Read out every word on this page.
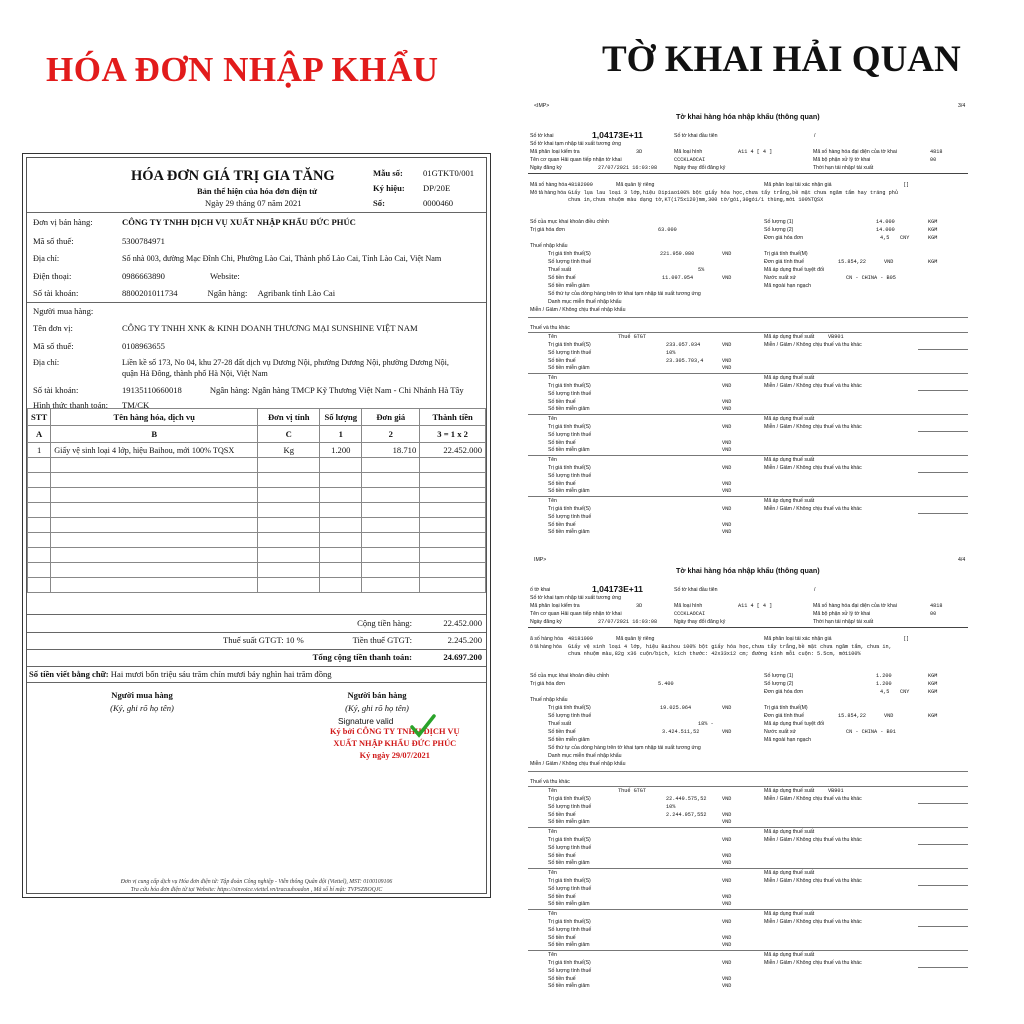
HÓA ĐƠN NHẬP KHẨU	TỜ KHAI HẢI QUAN
HÓA ĐƠN GIÁ TRỊ GIA TĂNG
Bản thể hiện của hóa đơn điện tử
Ngày 29 tháng 07 năm 2021
Mẫu số: 01GTKT0/001
Ký hiệu: DP/20E
Số:	0000460
Đơn vị bán hàng:	CÔNG TY TNHH DỊCH VỤ XUẤT NHẬP KHẨU ĐỨC PHÚC
Mã số thuế:	5300784971
Địa chỉ:	Số nhà 003, đường Mạc Đĩnh Chi, Phường Lào Cai, Thành phố Lào Cai, Tỉnh Lào Cai, Việt Nam
Điện thoại:	0986663890	Website:
Số tài khoản:	8800201011734	Ngân hàng: Agribank tỉnh Lào Cai
Người mua hàng:
Tên đơn vị:	CÔNG TY TNHH XNK & KINH DOANH THƯƠNG MẠI SUNSHINE VIỆT NAM
Mã số thuế:	0108963655
Địa chỉ:	Liền kề số 173, No 04, khu 27-28 đất dịch vụ Dương Nội, phường Dương Nội, phường Dương Nội,
quận Hà Đông, thành phố Hà Nội, Việt Nam
Số tài khoản:	19135110660018	Ngân hàng: Ngân hàng TMCP Kỹ Thương Việt Nam - Chi Nhánh Hà Tây
Hình thức thanh toán: TM/CK
STT	Tên hàng hóa, dịch vụ	Đơn vị tính	Số lượng	Đơn giá	Thành tiền
A	B	C	1	2	3 = 1 x 2
1	Giấy vệ sinh loại 4 lớp, hiệu Baihou, mới 100% TQSX	Kg	1.200	18.710	22.452.000

Cộng tiền hàng:	22.452.000
Thuế suất GTGT: 10 %	Tiền thuế GTGT:	2.245.200
Tổng cộng tiền thanh toán:	24.697.200
Số tiền viết bằng chữ: Hai mươi bốn triệu sáu trăm chín mươi bảy nghìn hai trăm đồng
Người mua hàng
(Ký, ghi rõ họ tên)
Người bán hàng
(Ký, ghi rõ họ tên)
Signature valid
Ký bởi CÔNG TY TNHH DỊCH VỤ
XUẤT NHẬP KHẨU ĐỨC PHÚC
Ký ngày 29/07/2021
Đơn vị cung cấp dịch vụ Hóa đơn điện tử: Tập đoàn Công nghiệp - Viễn thông Quân đội (Viettel), MST: 0100109106
Tra cứu hóa đơn điện tử tại Website: https://sinvoice.viettel.vn/tracuuhoadon , Mã số bí mật: TVPSZBOQJC
<IMP>	3/4
Tờ khai hàng hóa nhập khẩu (thông quan)
Số tờ khai	1,04173E+11	Số tờ khai đầu tiên	/
Số tờ khai tạm nhập tái xuất tương ứng
Mã phân loại kiểm tra	3D	Mã loại hình	A11 4 [ 4 ]	Mã số hàng hóa đại diện của tờ khai	4818
Tên cơ quan Hải quan tiếp nhận tờ khai	CCCKLAOCAI	Mã bộ phận xử lý tờ khai	00
Ngày đăng ký	27/07/2021 16:03:08	Ngày thay đổi đăng ký	Thời hạn tái nhập/ tái xuất
Mã số hàng hóa 48182000	Mã quản lý riêng	Mã phân loại tái xác nhận giá	[ ]
Mô tả hàng hóa Giấy lụa lau loại 3 lớp,hiệu Dipiao100% bột giấy hóa học,chưa tẩy trắng,bề mặt chưa ngâm tẩm hay tráng phủ
chưa in,chưa nhuộm màu dạng tờ,KT(175x120)mm,300 tờ/gói,30gói/1 thùng,mới 100%TQSX
Số của mục khai khoản điều chỉnh	Số lượng (1)	14.000	KGM
Trị giá hóa đơn	63.000	Số lượng (2)	14.000	KGM
Đơn giá hóa đơn	4,5 CNY	KGM
Thuế nhập khẩu
Trị giá tính thuế(S)	221.959.080	VND	Trị giá tính thuế(M)
Số lượng tính thuế	Đơn giá tính thuế	15.854,22	VND	KGM
Thuế suất	5%	Mã áp dụng thuế tuyệt đối
Số tiền thuế	11.097.954	VND	Nước xuất xứ	CN - CHINA - B05
Số tiền miễn giảm	Mã ngoài hạn ngạch
Số thứ tự của dòng hàng trên tờ khai tạm nhập tái xuất tương ứng
Danh mục miễn thuế nhập khẩu
Miễn / Giảm / Không chịu thuế nhập khẩu
Thuế và thu khác
Tên	Thuế GTGT	VB901
Mã áp dụng thuế suất
Trị giá tính thuế(S)	233.057.034	VND	Miễn / Giảm / Không chịu thuế và thu khác
Số lượng tính thuế	10%
Số tiền thuế	23.305.703,4	VND
Số tiền miễn giảm	VND
Tên	Mã áp dụng thuế suất
Trị giá tính thuế(S)	VND	Miễn / Giảm / Không chịu thuế và thu khác
Số lượng tính thuế
Số tiền thuế	VND
Số tiền miễn giảm	VND
Tên	Mã áp dụng thuế suất
Trị giá tính thuế(S)	VND	Miễn / Giảm / Không chịu thuế và thu khác
Số lượng tính thuế
Số tiền thuế	VND
Số tiền miễn giảm	VND
Tên	Mã áp dụng thuế suất
Trị giá tính thuế(S)	VND	Miễn / Giảm / Không chịu thuế và thu khác
Số lượng tính thuế
Số tiền thuế	VND
Số tiền miễn giảm	VND
Tên	Mã áp dụng thuế suất
Trị giá tính thuế(S)	VND	Miễn / Giảm / Không chịu thuế và thu khác
Số lượng tính thuế
Số tiền thuế	VND
Số tiền miễn giảm	VND
IMP>	4/4
Tờ khai hàng hóa nhập khẩu (thông quan)
ố tờ khai	1,04173E+11	Số tờ khai đầu tiên	/
Số tờ khai tạm nhập tái xuất tương ứng
Mã phân loại kiểm tra	3D	Mã loại hình	A11 4 [ 4 ]	Mã số hàng hóa đại diện của tờ khai	4818
Tên cơ quan Hải quan tiếp nhận tờ khai	CCCKLAOCAI	Mã bộ phận xử lý tờ khai	00
Ngày đăng ký	27/07/2021 16:03:08	Ngày thay đổi đăng ký	Thời hạn tái nhập/ tái xuất
ã số hàng hóa 48181000	Mã quản lý riêng	Mã phân loại tái xác nhận giá	[ ]
ô tả hàng hóa Giấy vệ sinh loại 4 lớp, hiệu Baihou 100% bột giấy hóa học,chưa tẩy trắng,bề mặt chưa ngâm tẩm, chưa in,
chưa nhuộm màu,82g x36 cuộn/bịch, kích thước: 42x33x12 cm; đường kính mỗi cuộn: 5.5cm, mới100%
Số của mục khai khoản điều chỉnh	Số lượng (1)	1.200	KGM
Trị giá hóa đơn	5.400	Số lượng (2)	1.200	KGM
Đơn giá hóa đơn	4,5 CNY	KGM
Thuế nhập khẩu
Trị giá tính thuế(S)	19.025.064	VND	Trị giá tính thuế(M)
Số lượng tính thuế	Đơn giá tính thuế	15.854,22	VND	KGM
Thuế suất	18% -	Mã áp dụng thuế tuyệt đối
Số tiền thuế	3.424.511,52	VND	Nước xuất xứ	CN - CHINA - B01
Số tiền miễn giảm	Mã ngoài hạn ngạch
Số thứ tự của dòng hàng trên tờ khai tạm nhập tái xuất tương ứng
Danh mục miễn thuế nhập khẩu
Miễn / Giảm / Không chịu thuế nhập khẩu
Thuế và thu khác
Tên	Thuế GTGT	VB901
Mã áp dụng thuế suất
Trị giá tính thuế(S)	22.449.575,52	VND	Miễn / Giảm / Không chịu thuế và thu khác
Số lượng tính thuế	10%
Số tiền thuế	2.244.957,552	VND
Số tiền miễn giảm	VND
Tên	Mã áp dụng thuế suất
Trị giá tính thuế(S)	VND	Miễn / Giảm / Không chịu thuế và thu khác
Số lượng tính thuế
Số tiền thuế	VND
Số tiền miễn giảm	VND
Tên	Mã áp dụng thuế suất
Trị giá tính thuế(S)	VND	Miễn / Giảm / Không chịu thuế và thu khác
Số lượng tính thuế
Số tiền thuế	VND
Số tiền miễn giảm	VND
Tên	Mã áp dụng thuế suất
Trị giá tính thuế(S)	VND	Miễn / Giảm / Không chịu thuế và thu khác
Số lượng tính thuế
Số tiền thuế	VND
Số tiền miễn giảm	VND
Tên	Mã áp dụng thuế suất
Trị giá tính thuế(S)	VND	Miễn / Giảm / Không chịu thuế và thu khác
Số lượng tính thuế
Số tiền thuế	VND
Số tiền miễn giảm	VND
